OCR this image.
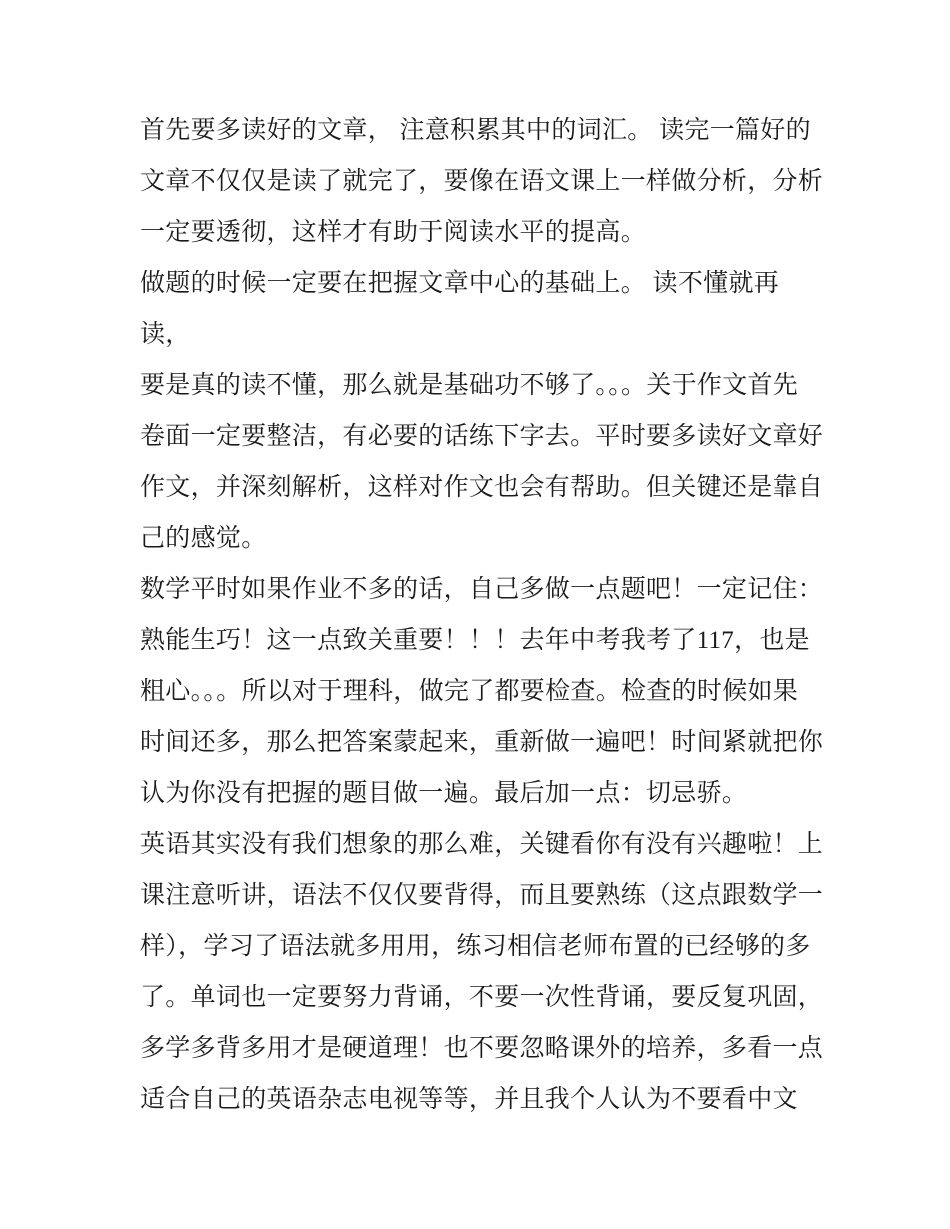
首先要多读好的文章， 注意积累其中的词汇。 读完一篇好的
文章不仅仅是读了就完了，要像在语文课上一样做分析，分析
一定要透彻，这样才有助于阅读水平的提高。
做题的时候一定要在把握文章中心的基础上。 读不懂就再
读，
要是真的读不懂，那么就是基础功不够了。。。关于作文首先
卷面一定要整洁，有必要的话练下字去。平时要多读好文章好
作文，并深刻解析，这样对作文也会有帮助。但关键还是靠自
己的感觉。
数学平时如果作业不多的话，自己多做一点题吧！一定记住：
熟能生巧！这一点致关重要！！！去年中考我考了117，也是
粗心。。。所以对于理科，做完了都要检查。检查的时候如果
时间还多，那么把答案蒙起来，重新做一遍吧！时间紧就把你
认为你没有把握的题目做一遍。最后加一点：切忌骄。
英语其实没有我们想象的那么难，关键看你有没有兴趣啦！上
课注意听讲，语法不仅仅要背得，而且要熟练（这点跟数学一
样），学习了语法就多用用，练习相信老师布置的已经够的多
了。单词也一定要努力背诵，不要一次性背诵，要反复巩固，
多学多背多用才是硬道理！也不要忽略课外的培养，多看一点
适合自己的英语杂志电视等等，并且我个人认为不要看中文
